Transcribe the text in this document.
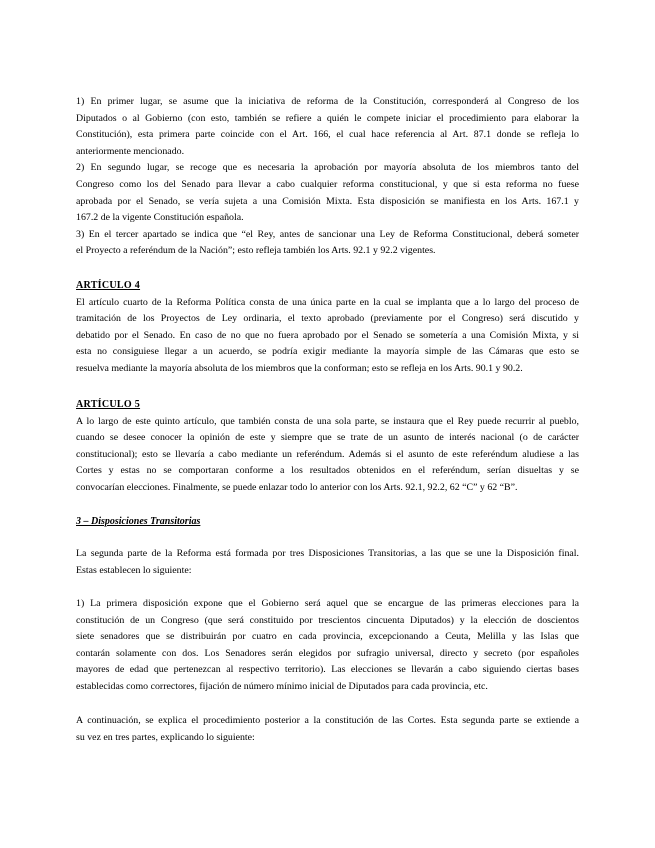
1) En primer lugar, se asume que la iniciativa de reforma de la Constitución, corresponderá al Congreso de los
Diputados o al Gobierno (con esto, también se refiere a quién le compete iniciar el procedimiento para elaborar la
Constitución), esta primera parte coincide con el Art. 166, el cual hace referencia al Art. 87.1 donde se refleja lo
anteriormente mencionado.
2) En segundo lugar, se recoge que es necesaria la aprobación por mayoría absoluta de los miembros tanto del
Congreso como los del Senado para llevar a cabo cualquier reforma constitucional, y que si esta reforma no fuese
aprobada por el Senado, se vería sujeta a una Comisión Mixta. Esta disposición se manifiesta en los Arts. 167.1 y
167.2 de la vigente Constitución española.
3) En el tercer apartado se indica que “el Rey, antes de sancionar una Ley de Reforma Constitucional, deberá someter
el Proyecto a referéndum de la Nación”; esto refleja también los Arts. 92.1 y 92.2 vigentes.
ARTÍCULO 4
El artículo cuarto de la Reforma Política consta de una única parte en la cual se implanta que a lo largo del proceso de
tramitación de los Proyectos de Ley ordinaria, el texto aprobado (previamente por el Congreso) será discutido y
debatido por el Senado. En caso de no que no fuera aprobado por el Senado se sometería a una Comisión Mixta, y si
esta no consiguiese llegar a un acuerdo, se podría exigir mediante la mayoría simple de las Cámaras que esto se
resuelva mediante la mayoría absoluta de los miembros que la conforman; esto se refleja en los Arts. 90.1 y 90.2.
ARTÍCULO 5
A lo largo de este quinto artículo, que también consta de una sola parte, se instaura que el Rey puede recurrir al pueblo,
cuando se desee conocer la opinión de este y siempre que se trate de un asunto de interés nacional (o de carácter
constitucional); esto se llevaría a cabo mediante un referéndum. Además si el asunto de este referéndum aludiese a las
Cortes y estas no se comportaran conforme a los resultados obtenidos en el referéndum, serían disueltas y se
convocarían elecciones. Finalmente, se puede enlazar todo lo anterior con los Arts. 92.1, 92.2, 62 “C” y 62 “B”.
3 – Disposiciones Transitorias
La segunda parte de la Reforma está formada por tres Disposiciones Transitorias, a las que se une la Disposición final.
Estas establecen lo siguiente:
1) La primera disposición expone que el Gobierno será aquel que se encargue de las primeras elecciones para la
constitución de un Congreso (que será constituido por trescientos cincuenta Diputados) y la elección de doscientos
siete senadores que se distribuirán por cuatro en cada provincia, excepcionando a Ceuta, Melilla y las Islas que
contarán solamente con dos. Los Senadores serán elegidos por sufragio universal, directo y secreto (por españoles
mayores de edad que pertenezcan al respectivo territorio). Las elecciones se llevarán a cabo siguiendo ciertas bases
establecidas como correctores, fijación de número mínimo inicial de Diputados para cada provincia, etc.
A continuación, se explica el procedimiento posterior a la constitución de las Cortes. Esta segunda parte se extiende a
su vez en tres partes, explicando lo siguiente:
